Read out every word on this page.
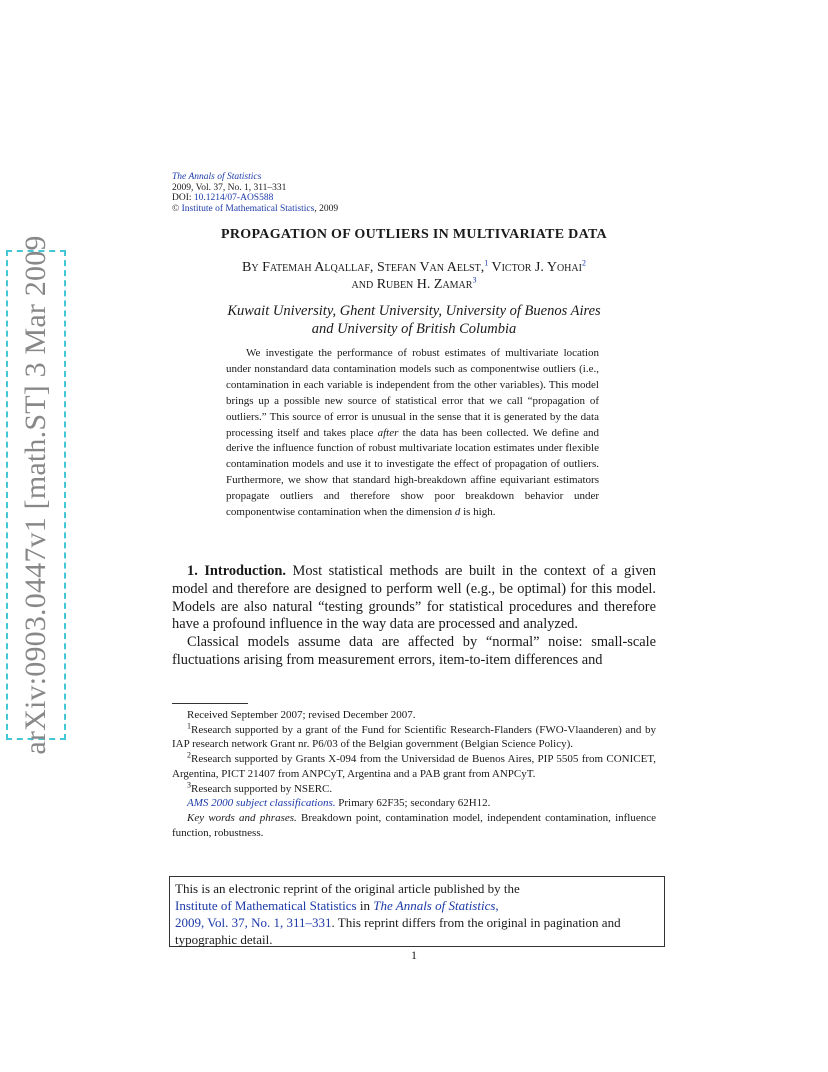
arXiv:0903.0447v1 [math.ST] 3 Mar 2009
The Annals of Statistics
2009, Vol. 37, No. 1, 311–331
DOI: 10.1214/07-AOS588
© Institute of Mathematical Statistics, 2009
PROPAGATION OF OUTLIERS IN MULTIVARIATE DATA
By Fatemah Alqallaf, Stefan Van Aelst,$^1$ Victor J. Yohai$^2$
and Ruben H. Zamar$^3$
Kuwait University, Ghent University, University of Buenos Aires
and University of British Columbia

We investigate the performance of robust estimates of multivariate location under nonstandard data contamination models such as componentwise outliers (i.e., contamination in each variable is independent from the other variables). This model brings up a possible new source of statistical error that we call “propagation of outliers.” This source of error is unusual in the sense that it is generated by the data processing itself and takes place after the data has been collected. We define and derive the influence function of robust multivariate location estimates under flexible contamination models and use it to investigate the effect of propagation of outliers. Furthermore, we show that standard high-breakdown affine equivariant estimators propagate outliers and therefore show poor breakdown behavior under componentwise contamination when the dimension d is high.

1. Introduction. Most statistical methods are built in the context of a given model and therefore are designed to perform well (e.g., be optimal) for this model. Models are also natural “testing grounds” for statistical procedures and therefore have a profound influence in the way data are processed and analyzed.

Classical models assume data are affected by “normal” noise: small-scale fluctuations arising from measurement errors, item-to-item differences and

Received September 2007; revised December 2007.

$^1$Research supported by a grant of the Fund for Scientific Research-Flanders (FWO-Vlaanderen) and by IAP research network Grant nr. P6/03 of the Belgian government (Belgian Science Policy).

$^2$Research supported by Grants X-094 from the Universidad de Buenos Aires, PIP 5505 from CONICET, Argentina, PICT 21407 from ANPCyT, Argentina and a PAB grant from ANPCyT.

$^3$Research supported by NSERC.

AMS 2000 subject classifications. Primary 62F35; secondary 62H12.

Key words and phrases. Breakdown point, contamination model, independent contamination, influence function, robustness.

This is an electronic reprint of the original article published by the
Institute of Mathematical Statistics in The Annals of Statistics,
2009, Vol. 37, No. 1, 311–331. This reprint differs from the original in pagination and typographic detail.
1
